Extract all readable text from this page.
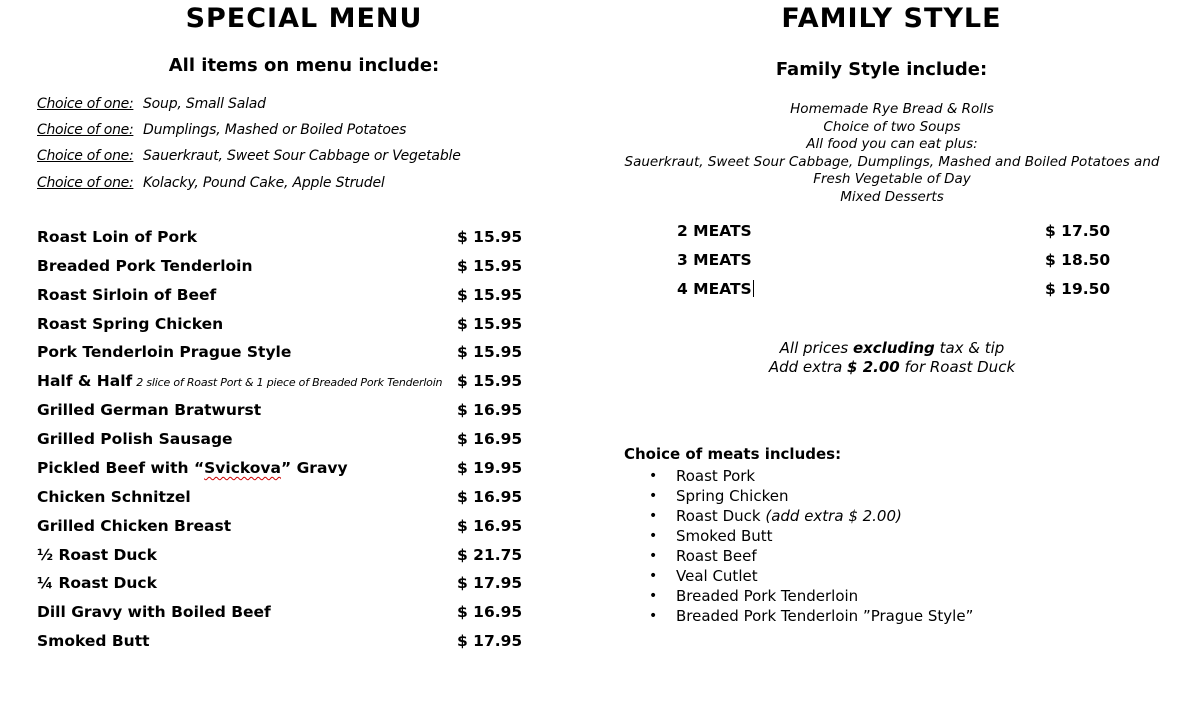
SPECIAL MENU
All items on menu include:
Choice of one: Soup, Small Salad
Choice of one: Dumplings, Mashed or Boiled Potatoes
Choice of one: Sauerkraut, Sweet Sour Cabbage or Vegetable
Choice of one: Kolacky, Pound Cake, Apple Strudel
Roast Loin of Pork	$ 15.95
Breaded Pork Tenderloin	$ 15.95
Roast Sirloin of Beef	$ 15.95
Roast Spring Chicken	$ 15.95
Pork Tenderloin Prague Style	$ 15.95
Half & Half 2 slice of Roast Port & 1 piece of Breaded Pork Tenderloin $ 15.95
Grilled German Bratwurst	$ 16.95
Grilled Polish Sausage	$ 16.95
Pickled Beef with “Svickova” Gravy	$ 19.95
Chicken Schnitzel	$ 16.95
Grilled Chicken Breast	$ 16.95
½ Roast Duck	$ 21.75
¼ Roast Duck	$ 17.95
Dill Gravy with Boiled Beef	$ 16.95
Smoked Butt	$ 17.95
FAMILY STYLE
Family Style include:
Homemade Rye Bread & Rolls
Choice of two Soups
All food you can eat plus:
Sauerkraut, Sweet Sour Cabbage, Dumplings, Mashed and Boiled Potatoes and
Fresh Vegetable of Day
Mixed Desserts
2 MEATS	$ 17.50
3 MEATS	$ 18.50
4 MEATS	$ 19.50
All prices excluding tax & tip
Add extra $ 2.00 for Roast Duck
Choice of meats includes:
• Roast Pork
• Spring Chicken
• Roast Duck (add extra $ 2.00)
• Smoked Butt
• Roast Beef
• Veal Cutlet
• Breaded Pork Tenderloin
• Breaded Pork Tenderloin ”Prague Style”
